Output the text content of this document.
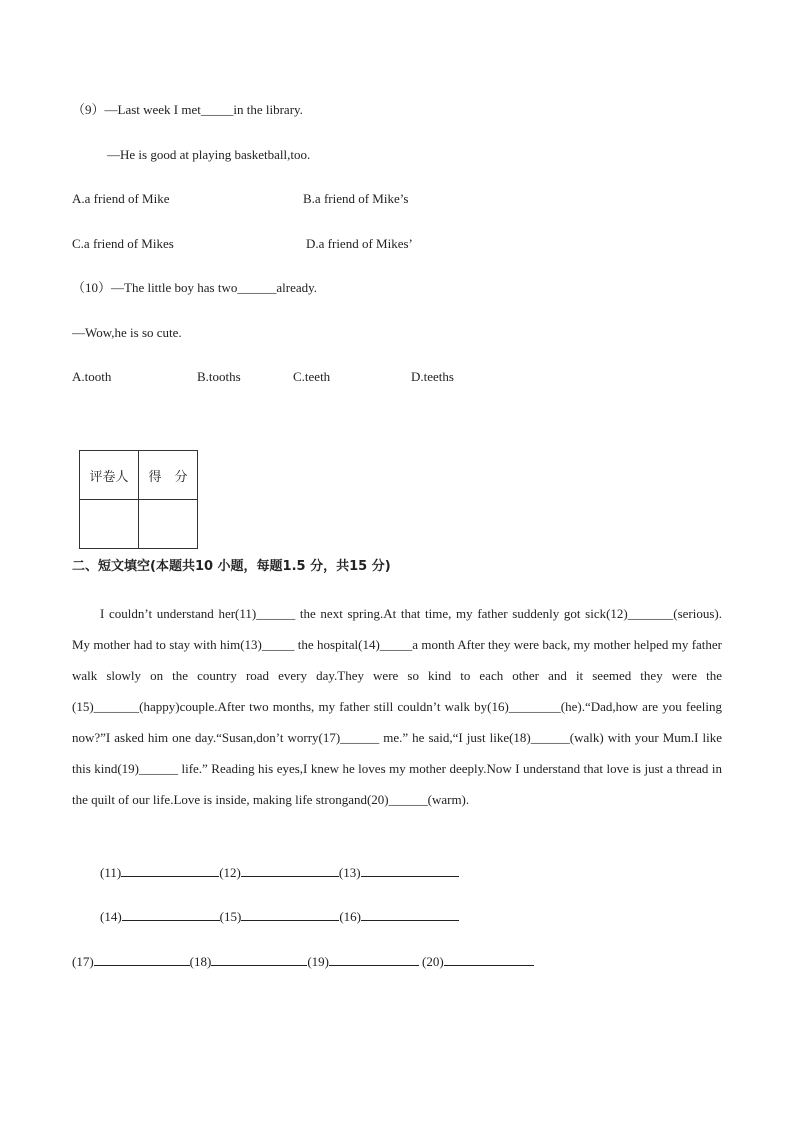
（9）—Last week I met_____in the library.
—He is good at playing basketball,too.
A.a friend of Mike	B.a friend of Mike’s
C.a friend of Mikes	D.a friend of Mikes’
（10）—The little boy has two______already.
—Wow,he is so cute.
A.tooth	B.tooths	C.teeth	D.teeths
评卷人	得　分

二、短文填空(本题共10 小题，每题1.5 分，共15 分)

I couldn’t understand her(11)______ the next spring.At that time, my father suddenly got sick(12)_______(serious). My mother had to stay with him(13)_____ the hospital(14)_____a month After they were back, my mother helped my father walk slowly on the country road every day.They were so kind to each other and it seemed they were the (15)_______(happy)couple.After two months, my father still couldn’t walk by(16)________(he).“Dad,how are you feeling now?”I asked him one day.“Susan,don’t worry(17)______ me.” he said,“I just like(18)______(walk) with your Mum.I like this kind(19)______ life.” Reading his eyes,I knew he loves my mother deeply.Now I understand that love is just a thread in the quilt of our life.Love is inside, making life strongand(20)______(warm).

(11)	(12)	(13)
(14)	(15)	(16)
(17)	(18)	(19)	(20)
